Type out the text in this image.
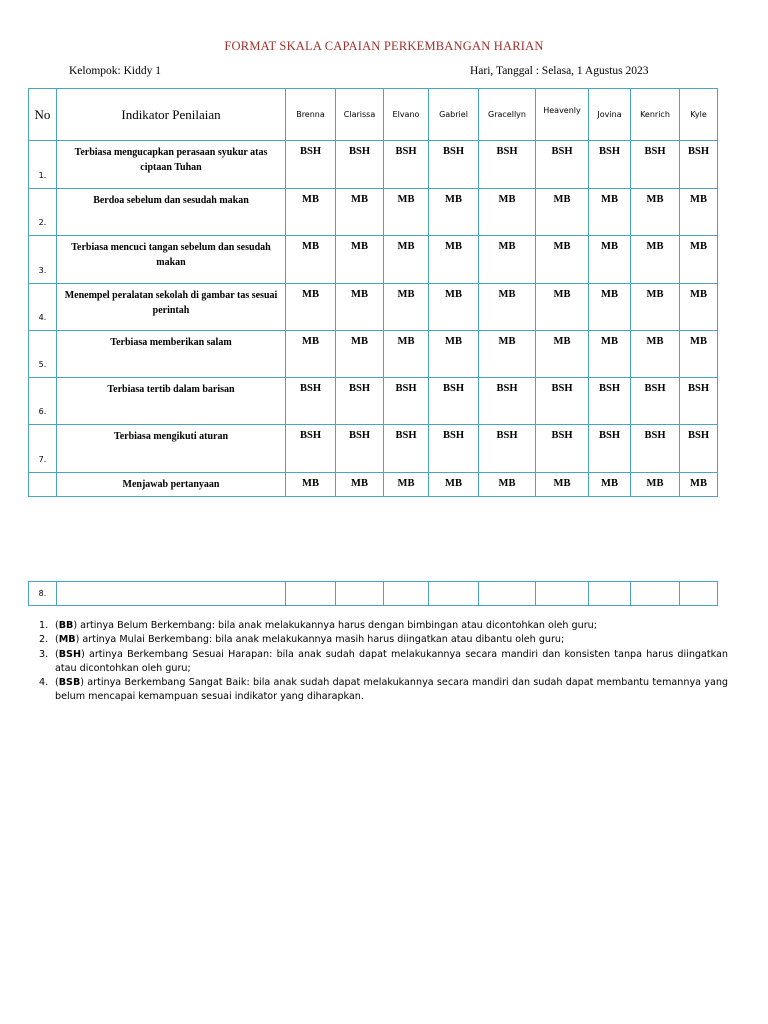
FORMAT SKALA CAPAIAN PERKEMBANGAN HARIAN
Kelompok: Kiddy 1	Hari, Tanggal : Selasa, 1 Agustus 2023
No	Indikator Penilaian	Brenna	Clarissa	Elvano	Gabriel	Gracellyn	Heavenly	Jovina	Kenrich	Kyle
1.	Terbiasa mengucapkan perasaan syukur atas ciptaan Tuhan	BSH	BSH	BSH	BSH	BSH	BSH	BSH	BSH	BSH
2.	Berdoa sebelum dan sesudah makan	MB	MB	MB	MB	MB	MB	MB	MB	MB
3.	Terbiasa mencuci tangan sebelum dan sesudah makan	MB	MB	MB	MB	MB	MB	MB	MB	MB
4.	Menempel peralatan sekolah di gambar tas sesuai perintah	MB	MB	MB	MB	MB	MB	MB	MB	MB
5.	Terbiasa memberikan salam	MB	MB	MB	MB	MB	MB	MB	MB	MB
6.	Terbiasa tertib dalam barisan	BSH	BSH	BSH	BSH	BSH	BSH	BSH	BSH	BSH
7.	Terbiasa mengikuti aturan	BSH	BSH	BSH	BSH	BSH	BSH	BSH	BSH	BSH
	Menjawab pertanyaan	MB	MB	MB	MB	MB	MB	MB	MB	MB
8.										
1. (BB) artinya Belum Berkembang: bila anak melakukannya harus dengan bimbingan atau dicontohkan oleh guru;
2. (MB) artinya Mulai Berkembang: bila anak melakukannya masih harus diingatkan atau dibantu oleh guru;
3. (BSH) artinya Berkembang Sesuai Harapan: bila anak sudah dapat melakukannya secara mandiri dan konsisten tanpa harus diingatkan atau dicontohkan oleh guru;
4. (BSB) artinya Berkembang Sangat Baik: bila anak sudah dapat melakukannya secara mandiri dan sudah dapat membantu temannya yang belum mencapai kemampuan sesuai indikator yang diharapkan.
